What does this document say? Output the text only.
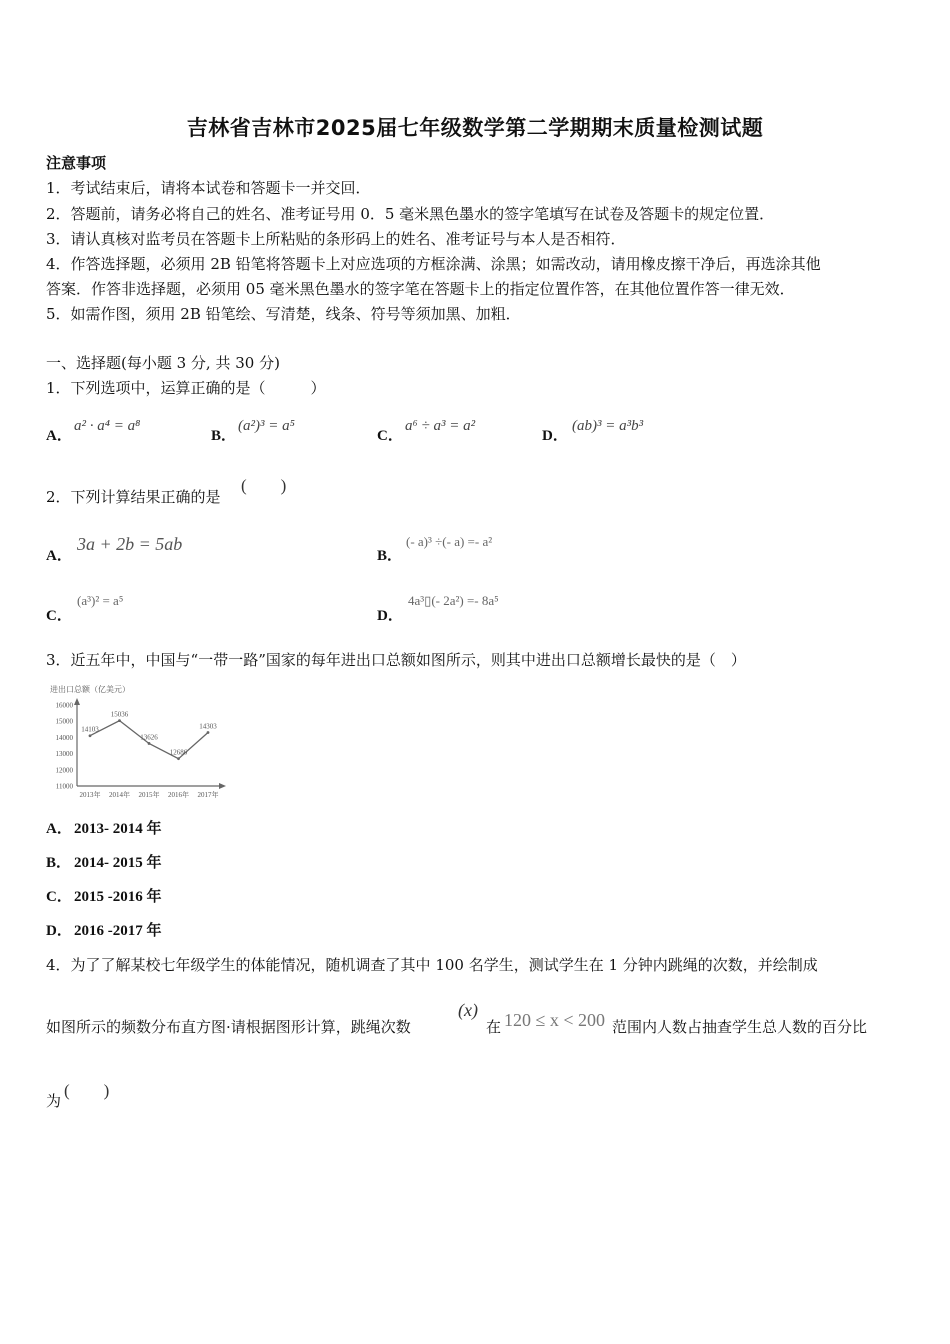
吉林省吉林市2025届七年级数学第二学期期末质量检测试题
注意事项
1．考试结束后，请将本试卷和答题卡一并交回．
2．答题前，请务必将自己的姓名、准考证号用 0．5 毫米黑色墨水的签字笔填写在试卷及答题卡的规定位置．
3．请认真核对监考员在答题卡上所粘贴的条形码上的姓名、准考证号与本人是否相符．
4．作答选择题，必须用 2B 铅笔将答题卡上对应选项的方框涂满、涂黑；如需改动，请用橡皮擦干净后，再选涂其他
答案．作答非选择题，必须用 05 毫米黑色墨水的签字笔在答题卡上的指定位置作答，在其他位置作答一律无效．
5．如需作图，须用 2B 铅笔绘、写清楚，线条、符号等须加黑、加粗．
一、选择题(每小题 3 分, 共 30 分)
1．下列选项中，运算正确的是（　　　）
A．
a² · a⁴ = a⁸
B．
(a²)³ = a⁵
C．
a⁶ ÷ a³ = a²
D．
(ab)³ = a³b³
2．下列计算结果正确的是
(　　)
A．
3a + 2b = 5ab
B．
(- a)³ ÷(- a) =- a²
C．
(a³)² = a⁵
D．
4a³▯(- 2a²) =- 8a⁵
3．近五年中，中国与“一带一路”国家的每年进出口总额如图所示，则其中进出口总额增长最快的是（　）
进出口总额（亿美元）
11000
12000
13000
14000
15000
16000
2013年 2014年 2015年 2016年 2017年
14103
15036
13626
12686
14303
A． 2013- 2014 年
B． 2014- 2015 年
C． 2015 -2016 年
D． 2016 -2017 年
4．为了了解某校七年级学生的体能情况，随机调查了其中 100 名学生，测试学生在 1 分钟内跳绳的次数，并绘制成
如图所示的频数分布直方图·请根据图形计算，跳绳次数
(x)
在 120 ≤ x < 200 范围内人数占抽查学生总人数的百分比
为
(　　)
